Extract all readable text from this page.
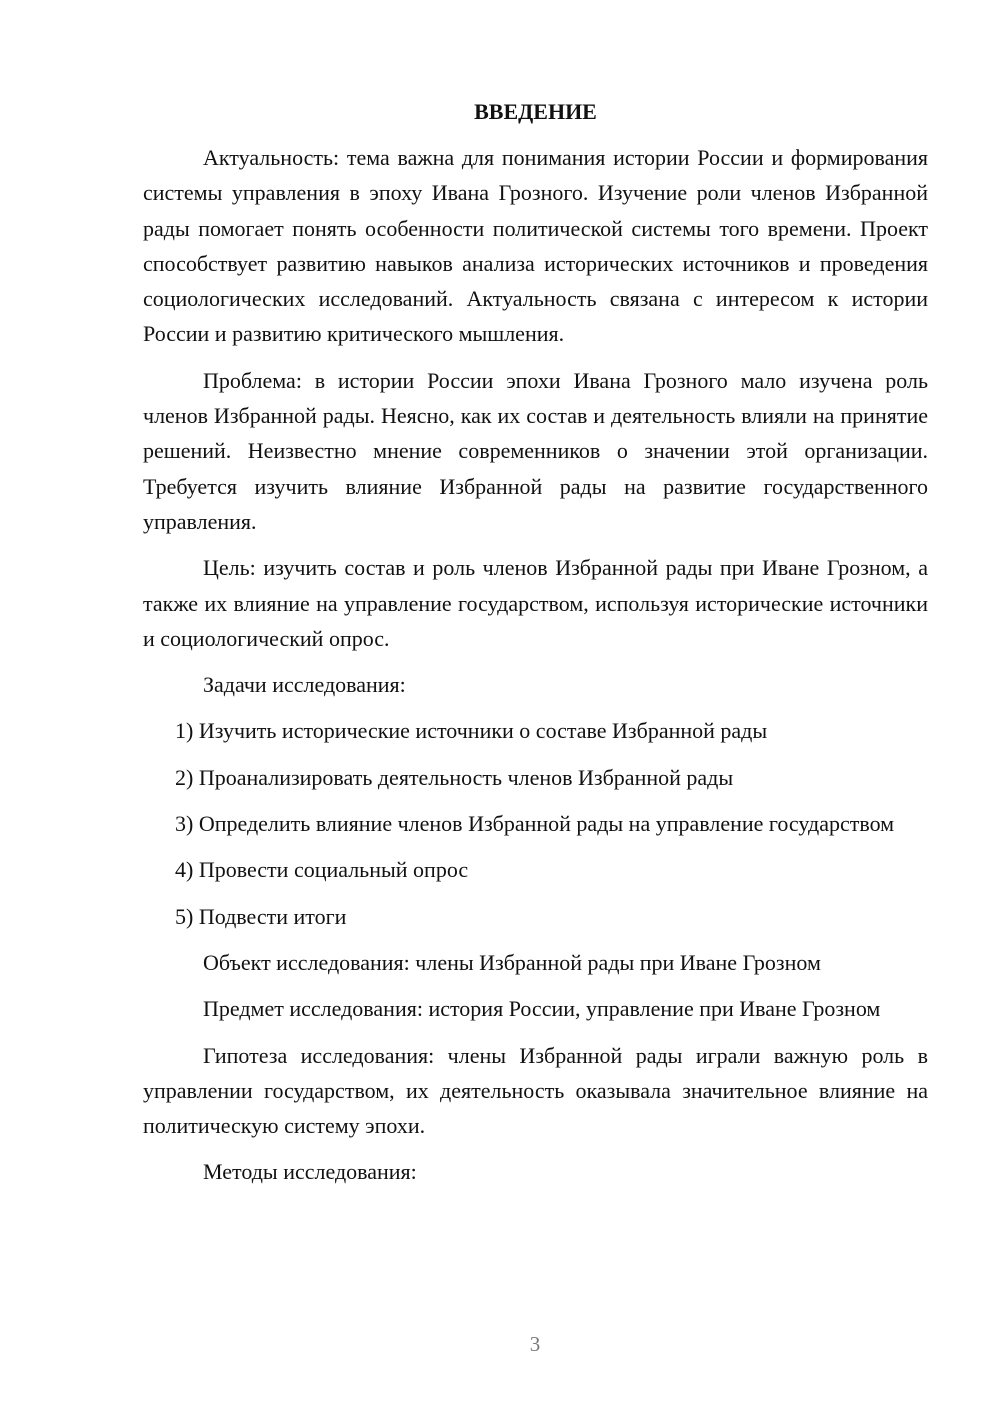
ВВЕДЕНИЕ

Актуальность: тема важна для понимания истории России и формирования системы управления в эпоху Ивана Грозного. Изучение роли членов Избранной рады помогает понять особенности политической системы того времени. Проект способствует развитию навыков анализа исторических источников и проведения социологических исследований. Актуальность связана с интересом к истории России и развитию критического мышления.

Проблема: в истории России эпохи Ивана Грозного мало изучена роль членов Избранной рады. Неясно, как их состав и деятельность влияли на принятие решений. Неизвестно мнение современников о значении этой организации. Требуется изучить влияние Избранной рады на развитие государственного управления.

Цель: изучить состав и роль членов Избранной рады при Иване Грозном, а также их влияние на управление государством, используя исторические источники и социологический опрос.

Задачи исследования:

1) Изучить исторические источники о составе Избранной рады

2) Проанализировать деятельность членов Избранной рады

3) Определить влияние членов Избранной рады на управление государством

4) Провести социальный опрос

5) Подвести итоги

Объект исследования: члены Избранной рады при Иване Грозном

Предмет исследования: история России, управление при Иване Грозном

Гипотеза исследования: члены Избранной рады играли важную роль в управлении государством, их деятельность оказывала значительное влияние на политическую систему эпохи.

Методы исследования:

3
